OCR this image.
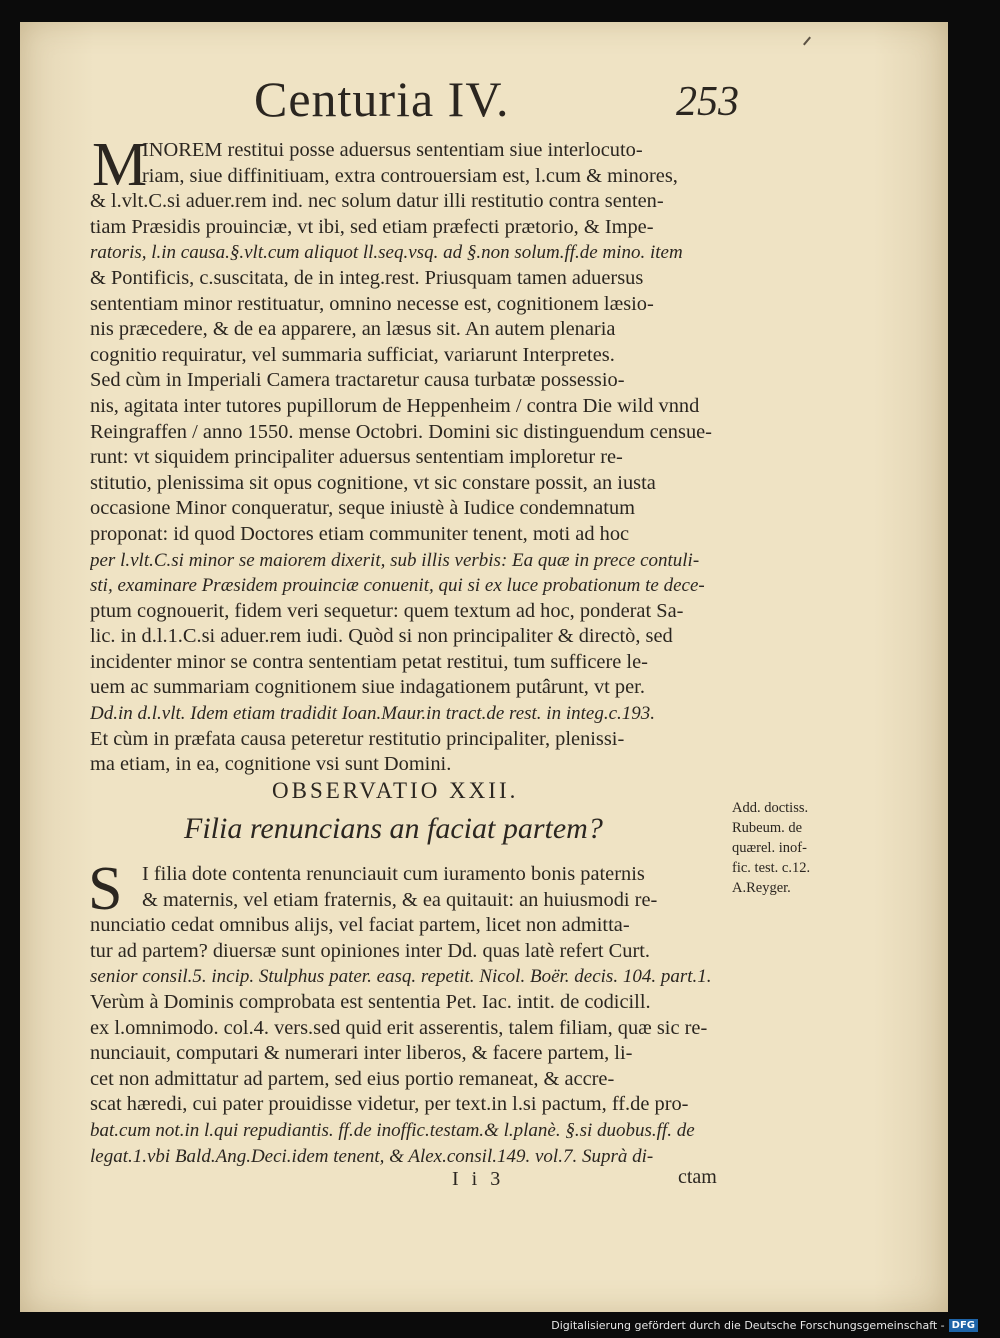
Centuria IV.	253
M
INOREM restitui posse aduersus sententiam siue interlocuto-
riam, siue diffinitiuam, extra controuersiam est, l.cum & minores,
& l.vlt.C.si aduer.rem ind. nec solum datur illi restitutio contra senten-
tiam Præsidis prouinciæ, vt ibi, sed etiam præfecti prætorio, & Impe-
ratoris, l.in causa.§.vlt.cum aliquot ll.seq.vsq. ad §.non solum.ff.de mino. item
& Pontificis, c.suscitata, de in integ.rest. Priusquam tamen aduersus
sententiam minor restituatur, omnino necesse est, cognitionem læsio-
nis præcedere, & de ea apparere, an læsus sit. An autem plenaria
cognitio requiratur, vel summaria sufficiat, variarunt Interpretes.
Sed cùm in Imperiali Camera tractaretur causa turbatæ possessio-
nis, agitata inter tutores pupillorum de Heppenheim / contra Die wild vnnd
Reingraffen / anno 1550. mense Octobri. Domini sic distinguendum censue-
runt: vt siquidem principaliter aduersus sententiam imploretur re-
stitutio, plenissima sit opus cognitione, vt sic constare possit, an iusta
occasione Minor conqueratur, seque iniustè à Iudice condemnatum
proponat: id quod Doctores etiam communiter tenent, moti ad hoc
per l.vlt.C.si minor se maiorem dixerit, sub illis verbis: Ea quæ in prece contuli-
sti, examinare Præsidem prouinciæ conuenit, qui si ex luce probationum te dece-
ptum cognouerit, fidem veri sequetur: quem textum ad hoc, ponderat Sa-
lic. in d.l.1.C.si aduer.rem iudi. Quòd si non principaliter & directò, sed
incidenter minor se contra sententiam petat restitui, tum sufficere le-
uem ac summariam cognitionem siue indagationem putârunt, vt per.
Dd.in d.l.vlt. Idem etiam tradidit Ioan.Maur.in tract.de rest. in integ.c.193.
Et cùm in præfata causa peteretur restitutio principaliter, plenissi-
ma etiam, in ea, cognitione vsi sunt Domini.
OBSERVATIO XXII.
Filia renuncians an faciat partem?
Add. doctiss.
Rubeum. de
quærel. inof-
fic. test. c.12.
A.Reyger.
S I filia dote contenta renunciauit cum iuramento bonis paternis
& maternis, vel etiam fraternis, & ea quitauit: an huiusmodi re-
nunciatio cedat omnibus alijs, vel faciat partem, licet non admitta-
tur ad partem? diuersæ sunt opiniones inter Dd. quas latè refert Curt.
senior consil.5. incip. Stulphus pater. easq. repetit. Nicol. Boër. decis. 104. part.1.
Verùm à Dominis comprobata est sententia Pet. Iac. intit. de codicill.
ex l.omnimodo. col.4. vers.sed quid erit asserentis, talem filiam, quæ sic re-
nunciauit, computari & numerari inter liberos, & facere partem, li-
cet non admittatur ad partem, sed eius portio remaneat, & accre-
scat hæredi, cui pater prouidisse videtur, per text.in l.si pactum, ff.de pro-
bat.cum not.in l.qui repudiantis. ff.de inoffic.testam.& l.planè. §.si duobus.ff. de
legat.1.vbi Bald.Ang.Deci.idem tenent, & Alex.consil.149. vol.7. Suprà di-
I i 3	ctam
Digitalisierung gefördert durch die Deutsche Forschungsgemeinschaft - DFG
